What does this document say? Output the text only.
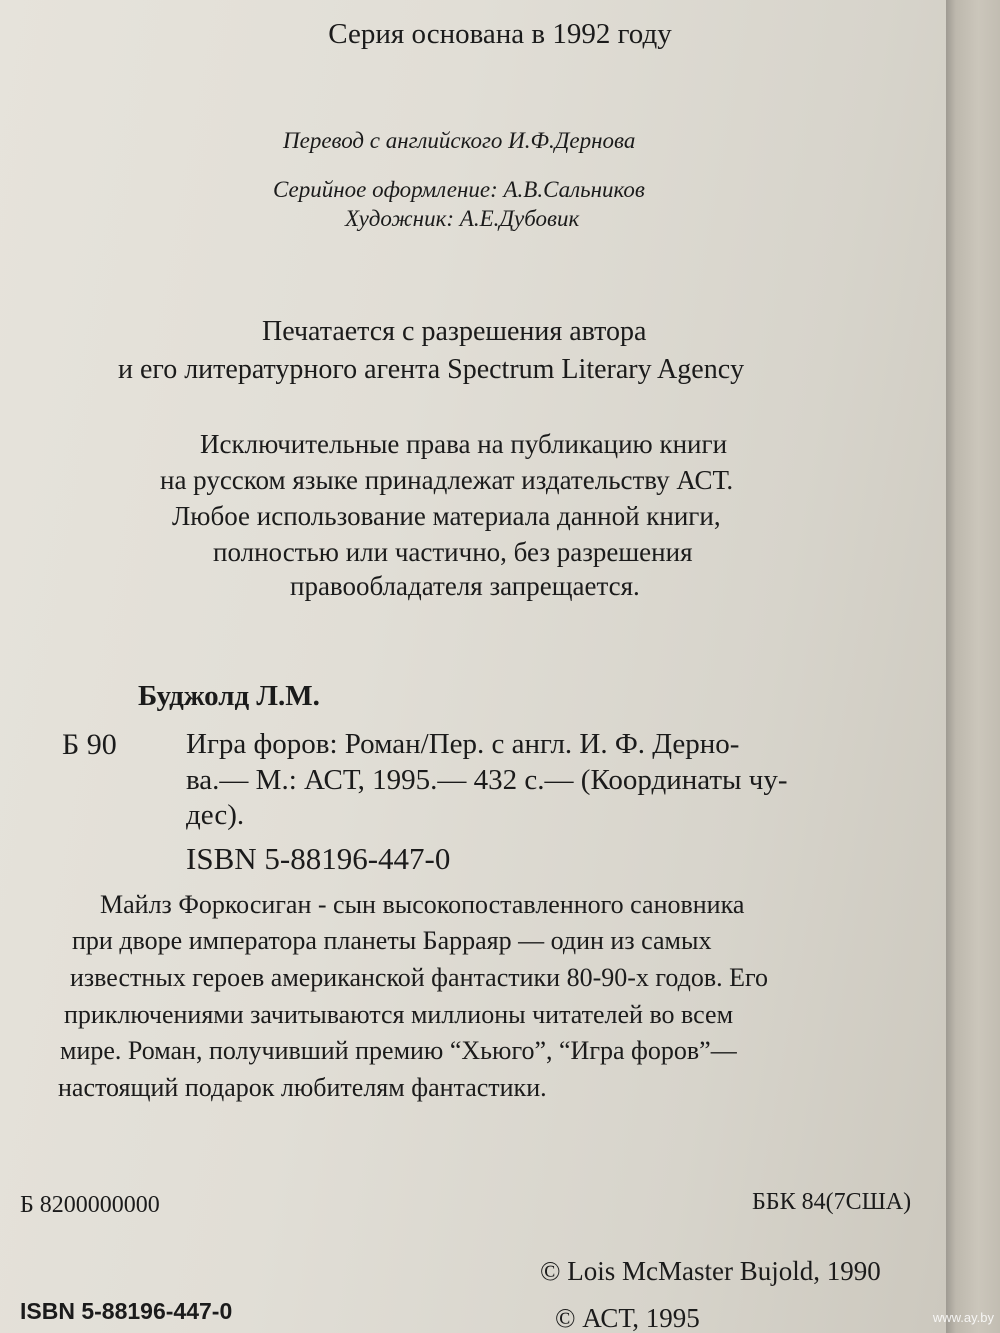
Серия основана в 1992 году
Перевод с английского И.Ф.Дернова
Серийное оформление: А.В.Сальников
Художник: А.Е.Дубовик
Печатается с разрешения автора
и его литературного агента Spectrum Literary Agency
Исключительные права на публикацию книги
на русском языке принадлежат издательству АСТ.
Любое использование материала данной книги,
полностью или частично, без разрешения
правообладателя запрещается.
Буджолд Л.М.
Б 90 Игра форов: Роман/Пер. с англ. И. Ф. Дерно-
ва.— М.: АСТ, 1995.— 432 с.— (Координаты чу-
дес).
ISBN 5-88196-447-0
Майлз Форкосиган - сын высокопоставленного сановника
при дворе императора планеты Барраяр — один из самых
известных героев американской фантастики 80-90-х годов. Его
приключениями зачитываются миллионы читателей во всем
мире. Роман, получивший премию “Хьюго”, “Игра форов”—
настоящий подарок любителям фантастики.
Б 8200000000	ББК 84(7США)
© Lois McMaster Bujold, 1990
ISBN 5-88196-447-0	© АСТ, 1995	www.ay.by
